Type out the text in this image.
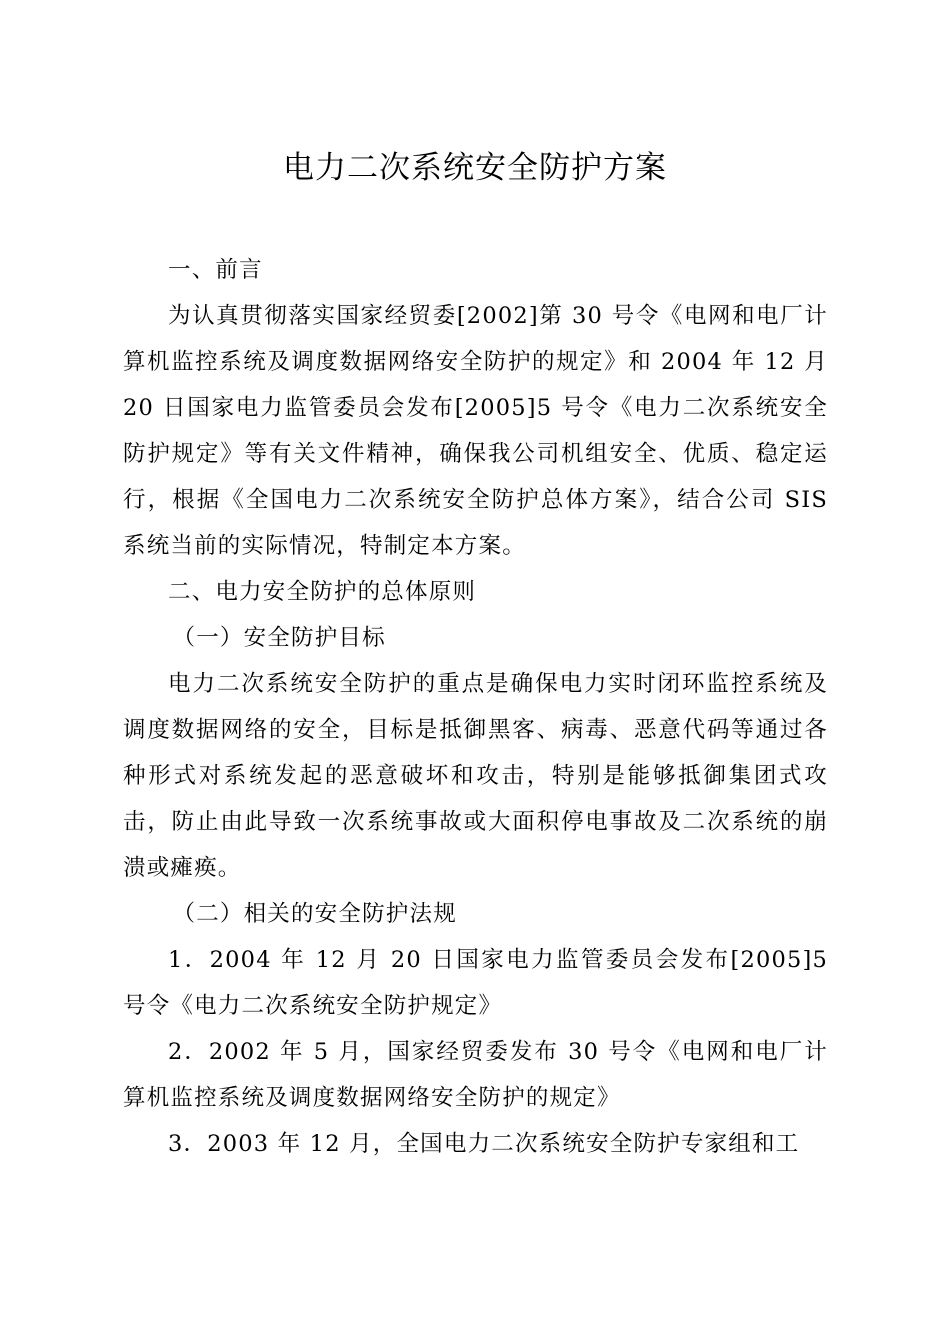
电力二次系统安全防护方案

一、前言

为认真贯彻落实国家经贸委[2002]第 30 号令《电网和电厂计算机监控系统及调度数据网络安全防护的规定》和 2004 年 12 月 20 日国家电力监管委员会发布[2005]5 号令《电力二次系统安全防护规定》等有关文件精神，确保我公司机组安全、优质、稳定运行，根据《全国电力二次系统安全防护总体方案》，结合公司 SIS 系统当前的实际情况，特制定本方案。

二、电力安全防护的总体原则

（一）安全防护目标

电力二次系统安全防护的重点是确保电力实时闭环监控系统及调度数据网络的安全，目标是抵御黑客、病毒、恶意代码等通过各种形式对系统发起的恶意破坏和攻击，特别是能够抵御集团式攻击，防止由此导致一次系统事故或大面积停电事故及二次系统的崩溃或瘫痪。

（二）相关的安全防护法规

1．2004 年 12 月 20 日国家电力监管委员会发布[2005]5 号令《电力二次系统安全防护规定》

2．2002 年 5 月，国家经贸委发布 30 号令《电网和电厂计算机监控系统及调度数据网络安全防护的规定》

3．2003 年 12 月，全国电力二次系统安全防护专家组和工
